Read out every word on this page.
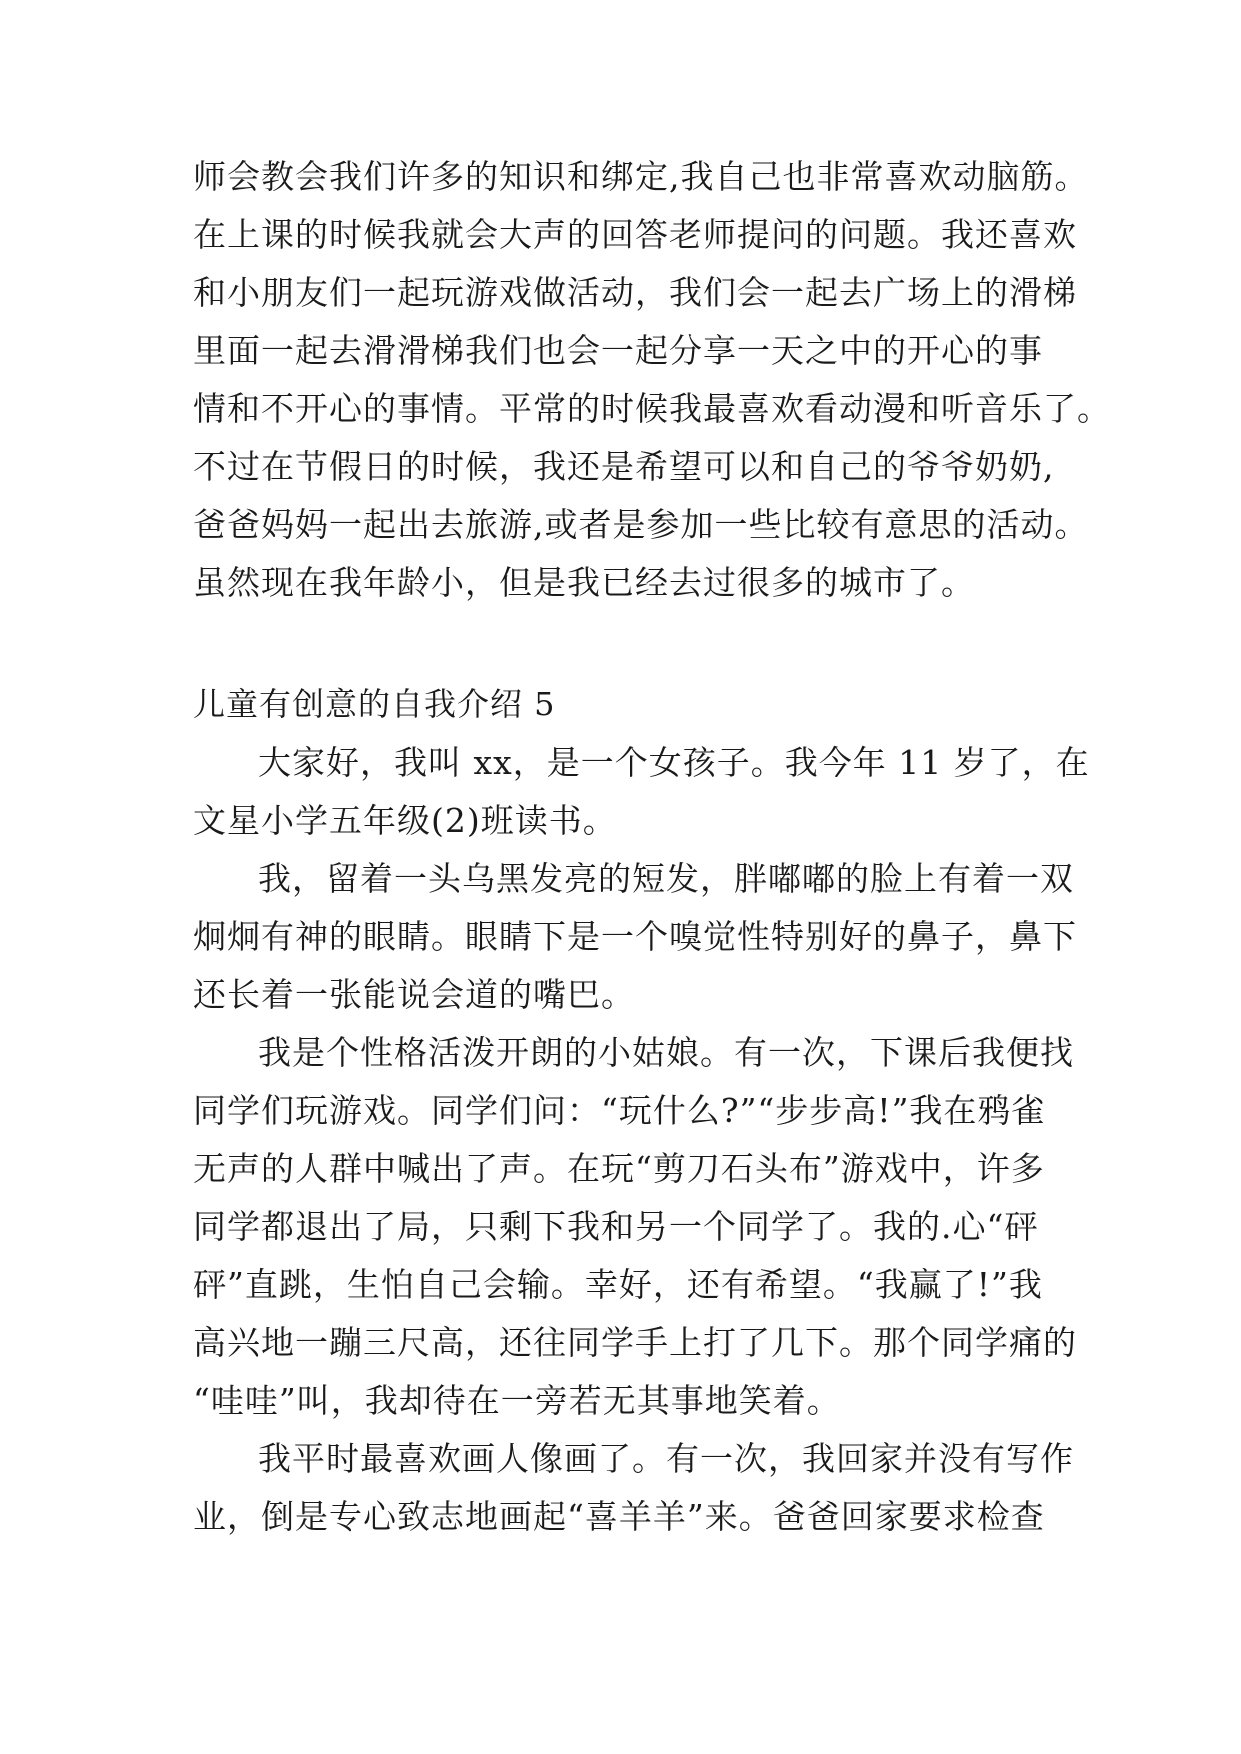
师会教会我们许多的知识和绑定,我自己也非常喜欢动脑筋。
在上课的时候我就会大声的回答老师提问的问题。我还喜欢
和小朋友们一起玩游戏做活动，我们会一起去广场上的滑梯
里面一起去滑滑梯我们也会一起分享一天之中的开心的事
情和不开心的事情。平常的时候我最喜欢看动漫和听音乐了。
不过在节假日的时候，我还是希望可以和自己的爷爷奶奶,
爸爸妈妈一起出去旅游,或者是参加一些比较有意思的活动。
虽然现在我年龄小，但是我已经去过很多的城市了。
儿童有创意的自我介绍 5
大家好，我叫 xx，是一个女孩子。我今年 11 岁了，在
文星小学五年级(2)班读书。
我，留着一头乌黑发亮的短发，胖嘟嘟的脸上有着一双
炯炯有神的眼睛。眼睛下是一个嗅觉性特别好的鼻子，鼻下
还长着一张能说会道的嘴巴。
我是个性格活泼开朗的小姑娘。有一次，下课后我便找
同学们玩游戏。同学们问：“玩什么?”“步步高!”我在鸦雀
无声的人群中喊出了声。在玩“剪刀石头布”游戏中，许多
同学都退出了局，只剩下我和另一个同学了。我的.心“砰
砰”直跳，生怕自己会输。幸好，还有希望。“我赢了!”我
高兴地一蹦三尺高，还往同学手上打了几下。那个同学痛的
“哇哇”叫，我却待在一旁若无其事地笑着。
我平时最喜欢画人像画了。有一次，我回家并没有写作
业，倒是专心致志地画起“喜羊羊”来。爸爸回家要求检查
